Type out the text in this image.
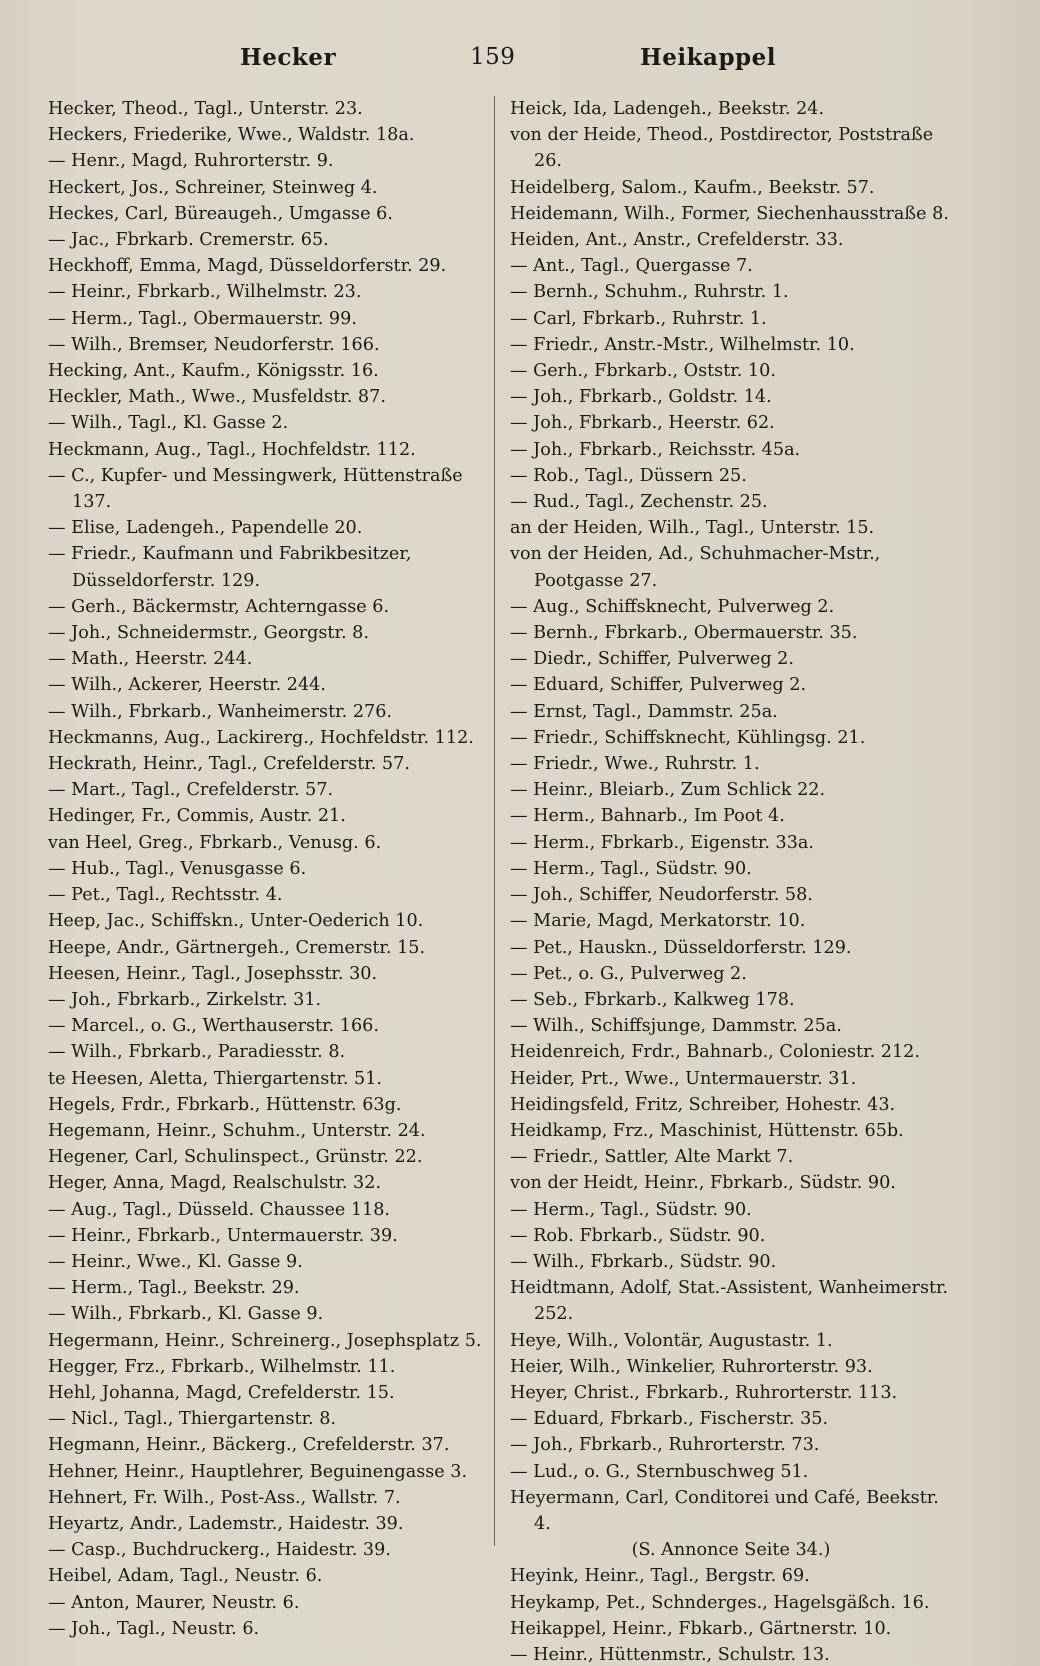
Hecker	159	Heikappel
Hecker, Theod., Tagl., Unterstr. 23.
Heckers, Friederike, Wwe., Waldstr. 18a.
— Henr., Magd, Ruhrorterstr. 9.
Heckert, Jos., Schreiner, Steinweg 4.
Heckes, Carl, Büreaugeh., Umgasse 6.
— Jac., Fbrkarb. Cremerstr. 65.
Heckhoff, Emma, Magd, Düsseldorferstr. 29.
— Heinr., Fbrkarb., Wilhelmstr. 23.
— Herm., Tagl., Obermauerstr. 99.
— Wilh., Bremser, Neudorferstr. 166.
Hecking, Ant., Kaufm., Königsstr. 16.
Heckler, Math., Wwe., Musfeldstr. 87.
— Wilh., Tagl., Kl. Gasse 2.
Heckmann, Aug., Tagl., Hochfeldstr. 112.
— C., Kupfer- und Messingwerk, Hüttenstraße 137.
— Elise, Ladengeh., Papendelle 20.
— Friedr., Kaufmann und Fabrikbesitzer, Düsseldorferstr. 129.
— Gerh., Bäckermstr, Achterngasse 6.
— Joh., Schneidermstr., Georgstr. 8.
— Math., Heerstr. 244.
— Wilh., Ackerer, Heerstr. 244.
— Wilh., Fbrkarb., Wanheimerstr. 276.
Heckmanns, Aug., Lackirerg., Hochfeldstr. 112.
Heckrath, Heinr., Tagl., Crefelderstr. 57.
— Mart., Tagl., Crefelderstr. 57.
Hedinger, Fr., Commis, Austr. 21.
van Heel, Greg., Fbrkarb., Venusg. 6.
— Hub., Tagl., Venusgasse 6.
— Pet., Tagl., Rechtsstr. 4.
Heep, Jac., Schiffskn., Unter-Oederich 10.
Heepe, Andr., Gärtnergeh., Cremerstr. 15.
Heesen, Heinr., Tagl., Josephsstr. 30.
— Joh., Fbrkarb., Zirkelstr. 31.
— Marcel., o. G., Werthauserstr. 166.
— Wilh., Fbrkarb., Paradiesstr. 8.
te Heesen, Aletta, Thiergartenstr. 51.
Hegels, Frdr., Fbrkarb., Hüttenstr. 63g.
Hegemann, Heinr., Schuhm., Unterstr. 24.
Hegener, Carl, Schulinspect., Grünstr. 22.
Heger, Anna, Magd, Realschulstr. 32.
— Aug., Tagl., Düsseld. Chaussee 118.
— Heinr., Fbrkarb., Untermauerstr. 39.
— Heinr., Wwe., Kl. Gasse 9.
— Herm., Tagl., Beekstr. 29.
— Wilh., Fbrkarb., Kl. Gasse 9.
Hegermann, Heinr., Schreinerg., Josephsplatz 5.
Hegger, Frz., Fbrkarb., Wilhelmstr. 11.
Hehl, Johanna, Magd, Crefelderstr. 15.
— Nicl., Tagl., Thiergartenstr. 8.
Hegmann, Heinr., Bäckerg., Crefelderstr. 37.
Hehner, Heinr., Hauptlehrer, Beguinengasse 3.
Hehnert, Fr. Wilh., Post-Ass., Wallstr. 7.
Heyartz, Andr., Lademstr., Haidestr. 39.
— Casp., Buchdruckerg., Haidestr. 39.
Heibel, Adam, Tagl., Neustr. 6.
— Anton, Maurer, Neustr. 6.
— Joh., Tagl., Neustr. 6.
Heick, Ida, Ladengeh., Beekstr. 24.
von der Heide, Theod., Postdirector, Poststraße 26.
Heidelberg, Salom., Kaufm., Beekstr. 57.
Heidemann, Wilh., Former, Siechenhausstraße 8.
Heiden, Ant., Anstr., Crefelderstr. 33.
— Ant., Tagl., Quergasse 7.
— Bernh., Schuhm., Ruhrstr. 1.
— Carl, Fbrkarb., Ruhrstr. 1.
— Friedr., Anstr.-Mstr., Wilhelmstr. 10.
— Gerh., Fbrkarb., Oststr. 10.
— Joh., Fbrkarb., Goldstr. 14.
— Joh., Fbrkarb., Heerstr. 62.
— Joh., Fbrkarb., Reichsstr. 45a.
— Rob., Tagl., Düssern 25.
— Rud., Tagl., Zechenstr. 25.
an der Heiden, Wilh., Tagl., Unterstr. 15.
von der Heiden, Ad., Schuhmacher-Mstr., Pootgasse 27.
— Aug., Schiffsknecht, Pulverweg 2.
— Bernh., Fbrkarb., Obermauerstr. 35.
— Diedr., Schiffer, Pulverweg 2.
— Eduard, Schiffer, Pulverweg 2.
— Ernst, Tagl., Dammstr. 25a.
— Friedr., Schiffsknecht, Kühlingsg. 21.
— Friedr., Wwe., Ruhrstr. 1.
— Heinr., Bleiarb., Zum Schlick 22.
— Herm., Bahnarb., Im Poot 4.
— Herm., Fbrkarb., Eigenstr. 33a.
— Herm., Tagl., Südstr. 90.
— Joh., Schiffer, Neudorferstr. 58.
— Marie, Magd, Merkatorstr. 10.
— Pet., Hauskn., Düsseldorferstr. 129.
— Pet., o. G., Pulverweg 2.
— Seb., Fbrkarb., Kalkweg 178.
— Wilh., Schiffsjunge, Dammstr. 25a.
Heidenreich, Frdr., Bahnarb., Coloniestr. 212.
Heider, Prt., Wwe., Untermauerstr. 31.
Heidingsfeld, Fritz, Schreiber, Hohestr. 43.
Heidkamp, Frz., Maschinist, Hüttenstr. 65b.
— Friedr., Sattler, Alte Markt 7.
von der Heidt, Heinr., Fbrkarb., Südstr. 90.
— Herm., Tagl., Südstr. 90.
— Rob. Fbrkarb., Südstr. 90.
— Wilh., Fbrkarb., Südstr. 90.
Heidtmann, Adolf, Stat.-Assistent, Wanheimerstr. 252.
Heye, Wilh., Volontär, Augustastr. 1.
Heier, Wilh., Winkelier, Ruhrorterstr. 93.
Heyer, Christ., Fbrkarb., Ruhrorterstr. 113.
— Eduard, Fbrkarb., Fischerstr. 35.
— Joh., Fbrkarb., Ruhrorterstr. 73.
— Lud., o. G., Sternbuschweg 51.
Heyermann, Carl, Conditorei und Café, Beekstr. 4.
(S. Annonce Seite 34.)
Heyink, Heinr., Tagl., Bergstr. 69.
Heykamp, Pet., Schnderges., Hagelsgäßch. 16.
Heikappel, Heinr., Fbkarb., Gärtnerstr. 10.
— Heinr., Hüttenmstr., Schulstr. 13.
